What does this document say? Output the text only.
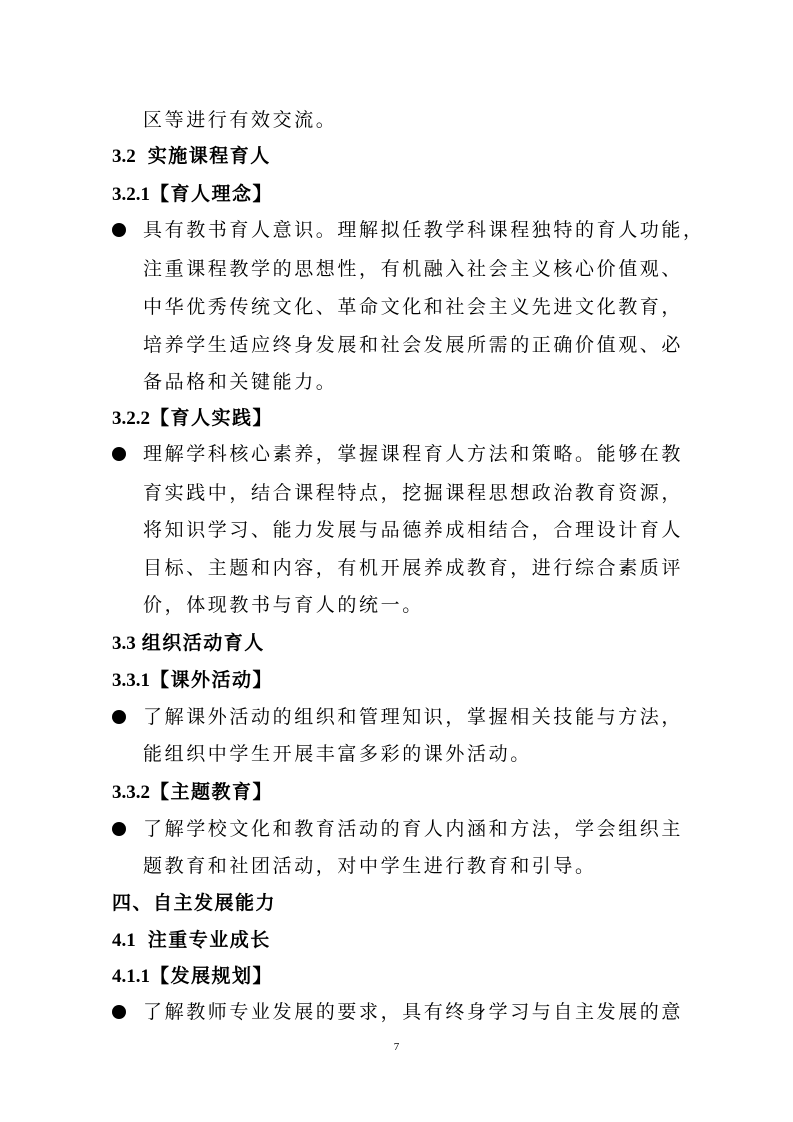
区等进行有效交流。
3.2 实施课程育人
3.2.1【育人理念】
具有教书育人意识。理解拟任教学科课程独特的育人功能，
注重课程教学的思想性，有机融入社会主义核心价值观、
中华优秀传统文化、革命文化和社会主义先进文化教育，
培养学生适应终身发展和社会发展所需的正确价值观、必
备品格和关键能力。
3.2.2【育人实践】
理解学科核心素养，掌握课程育人方法和策略。能够在教
育实践中，结合课程特点，挖掘课程思想政治教育资源，
将知识学习、能力发展与品德养成相结合，合理设计育人
目标、主题和内容，有机开展养成教育，进行综合素质评
价，体现教书与育人的统一。
3.3 组织活动育人
3.3.1【课外活动】
了解课外活动的组织和管理知识，掌握相关技能与方法，
能组织中学生开展丰富多彩的课外活动。
3.3.2【主题教育】
了解学校文化和教育活动的育人内涵和方法，学会组织主
题教育和社团活动，对中学生进行教育和引导。
四、自主发展能力
4.1 注重专业成长
4.1.1【发展规划】
了解教师专业发展的要求，具有终身学习与自主发展的意
7
